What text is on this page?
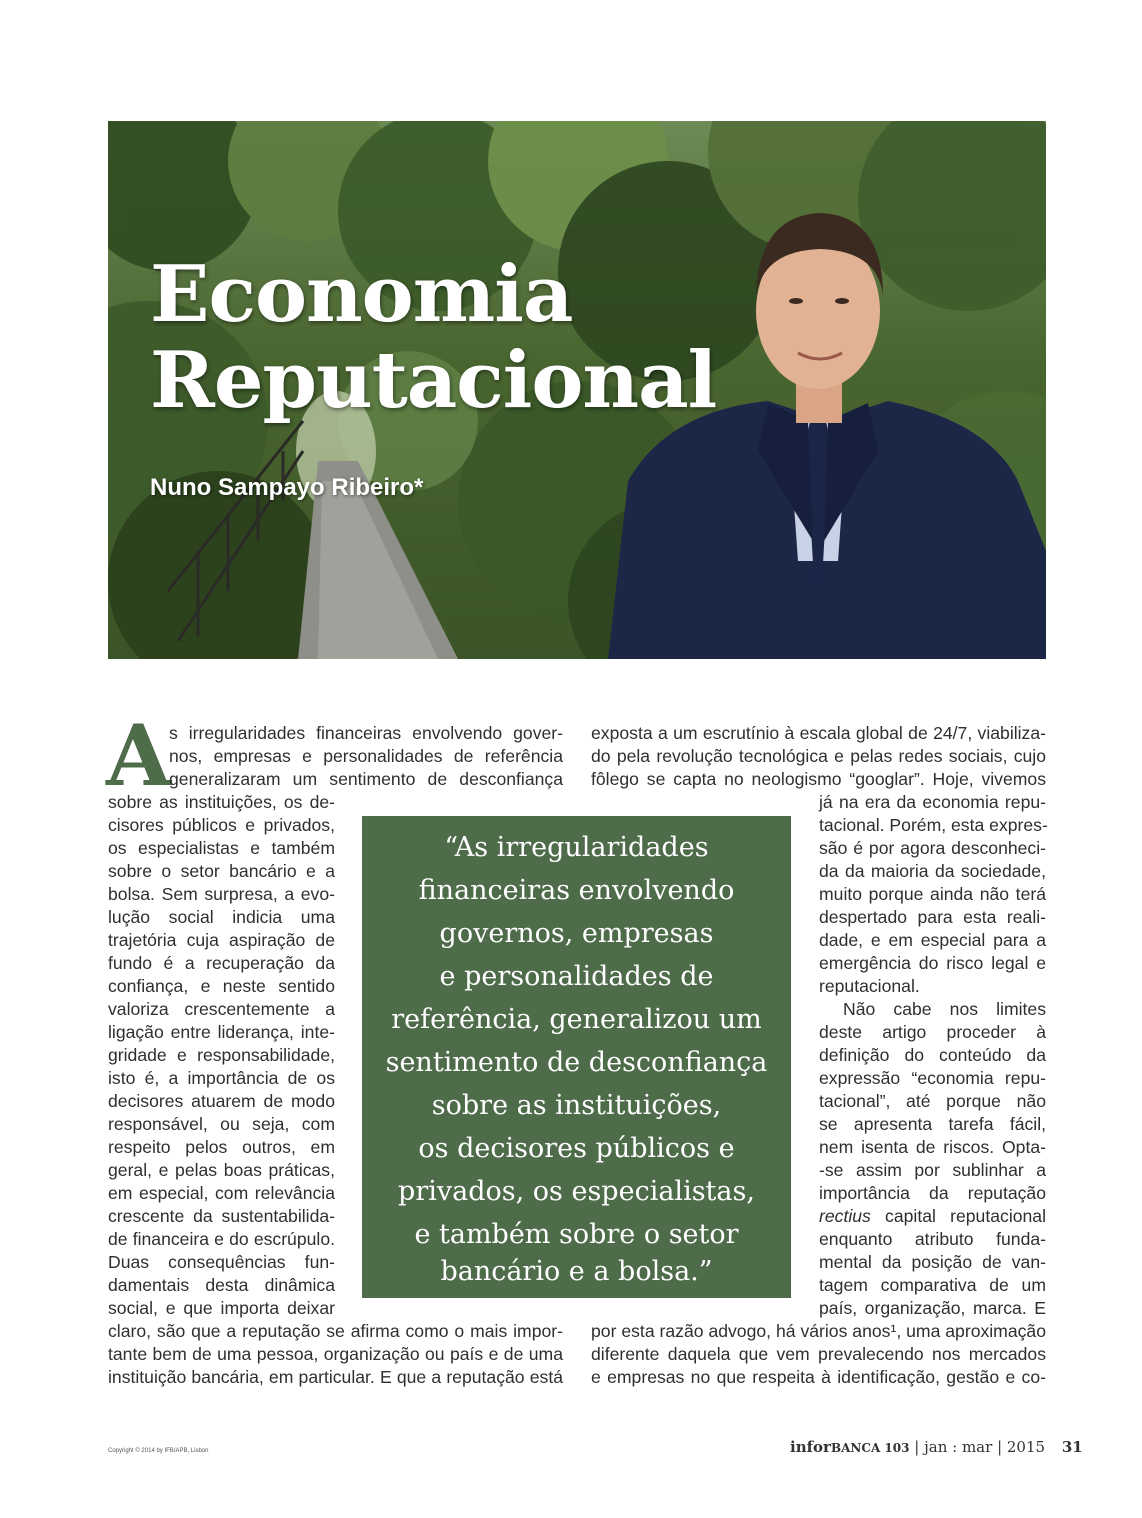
Economia
Reputacional
Nuno Sampayo Ribeiro*
A

s irregularidades financeiras envolvendo gover-

nos, empresas e personalidades de referência

generalizaram um sentimento de desconfiança

sobre as instituições, os de-

cisores públicos e privados,

os especialistas e também

sobre o setor bancário e a

bolsa. Sem surpresa, a evo-

lução social indicia uma

trajetória cuja aspiração de

fundo é a recuperação da

confiança, e neste sentido

valoriza crescentemente a

ligação entre liderança, inte-

gridade e responsabilidade,

isto é, a importância de os

decisores atuarem de modo

responsável, ou seja, com

respeito pelos outros, em

geral, e pelas boas práticas,

em especial, com relevância

crescente da sustentabilida-

de financeira e do escrúpulo.

Duas consequências fun-

damentais desta dinâmica

social, e que importa deixar

claro, são que a reputação se afirma como o mais impor-

tante bem de uma pessoa, organização ou país e de uma

instituição bancária, em particular. E que a reputação está

exposta a um escrutínio à escala global de 24/7, viabiliza-

do pela revolução tecnológica e pelas redes sociais, cujo

fôlego se capta no neologismo “googlar”. Hoje, vivemos

já na era da economia repu-

tacional. Porém, esta expres-

são é por agora desconheci-

da da maioria da sociedade,

muito porque ainda não terá

despertado para esta reali-

dade, e em especial para a

emergência do risco legal e

reputacional.

Não cabe nos limites

deste artigo proceder à

definição do conteúdo da

expressão “economia repu-

tacional”, até porque não

se apresenta tarefa fácil,

nem isenta de riscos. Opta-

-se assim por sublinhar a

importância da reputação

rectius capital reputacional

enquanto atributo funda-

mental da posição de van-

tagem comparativa de um

país, organização, marca. E

por esta razão advogo, há vários anos¹, uma aproximação

diferente daquela que vem prevalecendo nos mercados

e empresas no que respeita à identificação, gestão e co-

“As irregularidades

financeiras envolvendo

governos, empresas

e personalidades de

referência, generalizou um

sentimento de desconfiança

sobre as instituições,

os decisores públicos e

privados, os especialistas,

e também sobre o setor

bancário e a bolsa.”

Copyright © 2014 by IFB/APB, Lisbon	inforBANCA 103 | jan : mar | 2015 31
